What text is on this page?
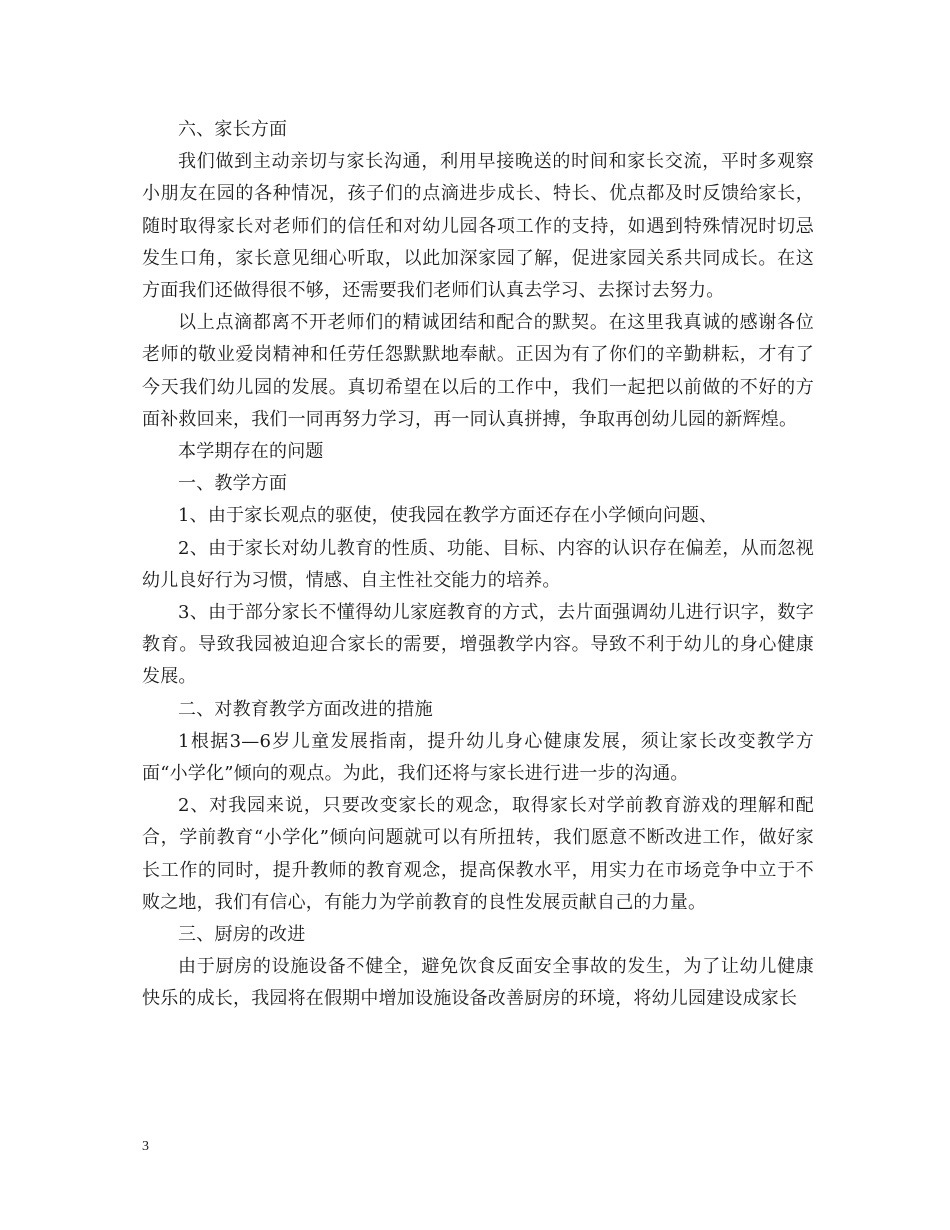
六、家长方面

我们做到主动亲切与家长沟通，利用早接晚送的时间和家长交流，平时多观察小朋友在园的各种情况，孩子们的点滴进步成长、特长、优点都及时反馈给家长，随时取得家长对老师们的信任和对幼儿园各项工作的支持，如遇到特殊情况时切忌发生口角，家长意见细心听取，以此加深家园了解，促进家园关系共同成长。在这方面我们还做得很不够，还需要我们老师们认真去学习、去探讨去努力。

以上点滴都离不开老师们的精诚团结和配合的默契。在这里我真诚的感谢各位老师的敬业爱岗精神和任劳任怨默默地奉献。正因为有了你们的辛勤耕耘，才有了今天我们幼儿园的发展。真切希望在以后的工作中，我们一起把以前做的不好的方面补救回来，我们一同再努力学习，再一同认真拼搏，争取再创幼儿园的新辉煌。

本学期存在的问题

一、教学方面

1、由于家长观点的驱使，使我园在教学方面还存在小学倾向问题、

2、由于家长对幼儿教育的性质、功能、目标、内容的认识存在偏差，从而忽视幼儿良好行为习惯，情感、自主性社交能力的培养。

3、由于部分家长不懂得幼儿家庭教育的方式，去片面强调幼儿进行识字，数字教育。导致我园被迫迎合家长的需要，增强教学内容。导致不利于幼儿的身心健康发展。

二、对教育教学方面改进的措施

1根据3—6岁儿童发展指南，提升幼儿身心健康发展，须让家长改变教学方面“小学化”倾向的观点。为此，我们还将与家长进行进一步的沟通。

2、对我园来说，只要改变家长的观念，取得家长对学前教育游戏的理解和配合，学前教育“小学化”倾向问题就可以有所扭转，我们愿意不断改进工作，做好家长工作的同时，提升教师的教育观念，提高保教水平，用实力在市场竞争中立于不败之地，我们有信心，有能力为学前教育的良性发展贡献自己的力量。

三、厨房的改进

由于厨房的设施设备不健全，避免饮食反面安全事故的发生，为了让幼儿健康快乐的成长，我园将在假期中增加设施设备改善厨房的环境，将幼儿园建设成家长

3
